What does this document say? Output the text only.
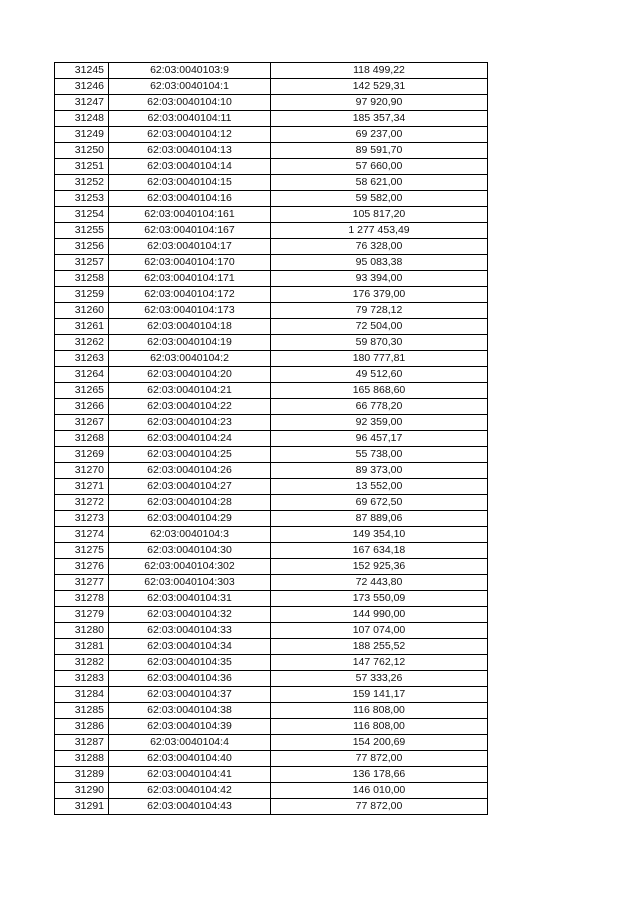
31245	62:03:0040103:9	118 499,22
31246	62:03:0040104:1	142 529,31
31247	62:03:0040104:10	97 920,90
31248	62:03:0040104:11	185 357,34
31249	62:03:0040104:12	69 237,00
31250	62:03:0040104:13	89 591,70
31251	62:03:0040104:14	57 660,00
31252	62:03:0040104:15	58 621,00
31253	62:03:0040104:16	59 582,00
31254	62:03:0040104:161	105 817,20
31255	62:03:0040104:167	1 277 453,49
31256	62:03:0040104:17	76 328,00
31257	62:03:0040104:170	95 083,38
31258	62:03:0040104:171	93 394,00
31259	62:03:0040104:172	176 379,00
31260	62:03:0040104:173	79 728,12
31261	62:03:0040104:18	72 504,00
31262	62:03:0040104:19	59 870,30
31263	62:03:0040104:2	180 777,81
31264	62:03:0040104:20	49 512,60
31265	62:03:0040104:21	165 868,60
31266	62:03:0040104:22	66 778,20
31267	62:03:0040104:23	92 359,00
31268	62:03:0040104:24	96 457,17
31269	62:03:0040104:25	55 738,00
31270	62:03:0040104:26	89 373,00
31271	62:03:0040104:27	13 552,00
31272	62:03:0040104:28	69 672,50
31273	62:03:0040104:29	87 889,06
31274	62:03:0040104:3	149 354,10
31275	62:03:0040104:30	167 634,18
31276	62:03:0040104:302	152 925,36
31277	62:03:0040104:303	72 443,80
31278	62:03:0040104:31	173 550,09
31279	62:03:0040104:32	144 990,00
31280	62:03:0040104:33	107 074,00
31281	62:03:0040104:34	188 255,52
31282	62:03:0040104:35	147 762,12
31283	62:03:0040104:36	57 333,26
31284	62:03:0040104:37	159 141,17
31285	62:03:0040104:38	116 808,00
31286	62:03:0040104:39	116 808,00
31287	62:03:0040104:4	154 200,69
31288	62:03:0040104:40	77 872,00
31289	62:03:0040104:41	136 178,66
31290	62:03:0040104:42	146 010,00
31291	62:03:0040104:43	77 872,00
